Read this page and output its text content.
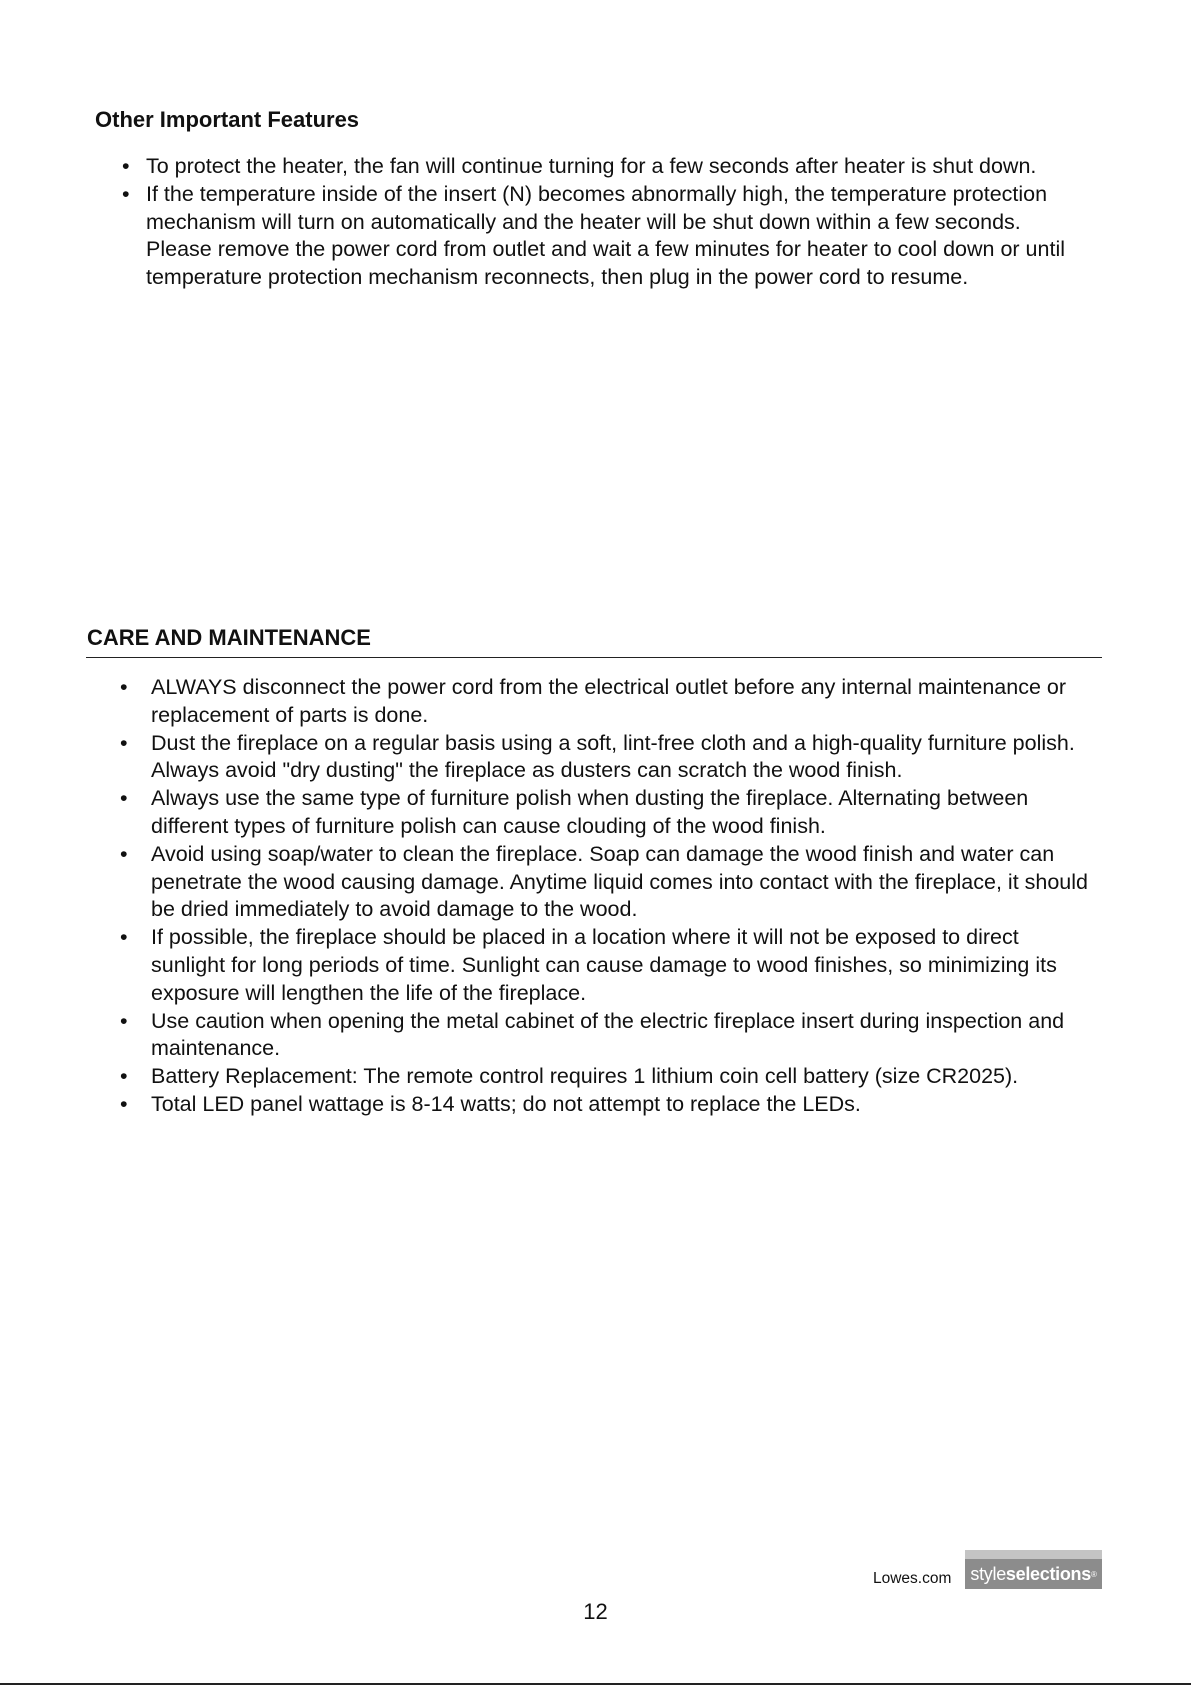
Other Important Features
• To protect the heater, the fan will continue turning for a few seconds after heater is shut down.
• If the temperature inside of the insert (N) becomes abnormally high, the temperature protection mechanism will turn on automatically and the heater will be shut down within a few seconds. Please remove the power cord from outlet and wait a few minutes for heater to cool down or until temperature protection mechanism reconnects, then plug in the power cord to resume.
CARE AND MAINTENANCE
• ALWAYS disconnect the power cord from the electrical outlet before any internal maintenance or replacement of parts is done.
• Dust the fireplace on a regular basis using a soft, lint-free cloth and a high-quality furniture polish. Always avoid "dry dusting" the fireplace as dusters can scratch the wood finish.
• Always use the same type of furniture polish when dusting the fireplace. Alternating between different types of furniture polish can cause clouding of the wood finish.
• Avoid using soap/water to clean the fireplace. Soap can damage the wood finish and water can penetrate the wood causing damage. Anytime liquid comes into contact with the fireplace, it should be dried immediately to avoid damage to the wood.
• If possible, the fireplace should be placed in a location where it will not be exposed to direct sunlight for long periods of time. Sunlight can cause damage to wood finishes, so minimizing its exposure will lengthen the life of the fireplace.
• Use caution when opening the metal cabinet of the electric fireplace insert during inspection and maintenance.
• Battery Replacement: The remote control requires 1 lithium coin cell battery (size CR2025).
• Total LED panel wattage is 8-14 watts; do not attempt to replace the LEDs.
Lowes.com style selections ®
12
